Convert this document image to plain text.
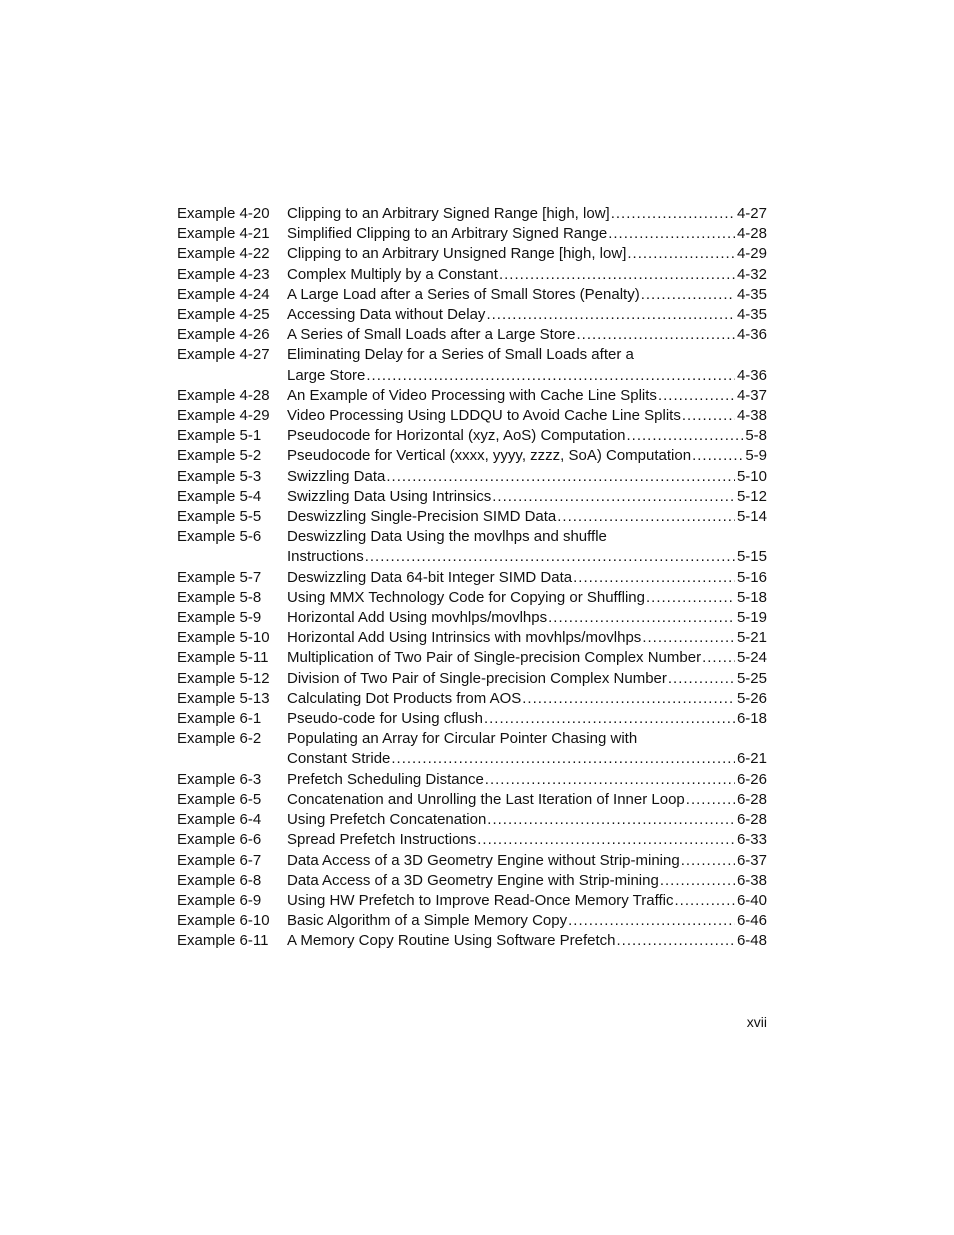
Example 4-20	Clipping to an Arbitrary Signed Range [high, low] .....	4-27
Example 4-21	Simplified Clipping to an Arbitrary Signed Range .....	4-28
Example 4-22	Clipping to an Arbitrary Unsigned Range [high, low] .....	4-29
Example 4-23	Complex Multiply by a Constant .....	4-32
Example 4-24	A Large Load after a Series of Small Stores (Penalty) .....	4-35
Example 4-25	Accessing Data without Delay .....	4-35
Example 4-26	A Series of Small Loads after a Large Store .....	4-36
Example 4-27	Eliminating Delay for a Series of Small Loads after a
Large Store .....	4-36
Example 4-28	An Example of Video Processing with Cache Line Splits .....	4-37
Example 4-29	Video Processing Using LDDQU to Avoid Cache Line Splits .....	4-38
Example 5-1	Pseudocode for Horizontal (xyz, AoS) Computation .....	5-8
Example 5-2	Pseudocode for Vertical (xxxx, yyyy, zzzz, SoA) Computation .....	5-9
Example 5-3	Swizzling Data .....	5-10
Example 5-4	Swizzling Data Using Intrinsics .....	5-12
Example 5-5	Deswizzling Single-Precision SIMD Data .....	5-14
Example 5-6	Deswizzling Data Using the movlhps and shuffle
Instructions .....	5-15
Example 5-7	Deswizzling Data 64-bit Integer SIMD Data .....	5-16
Example 5-8	Using MMX Technology Code for Copying or Shuffling .....	5-18
Example 5-9	Horizontal Add Using movhlps/movlhps .....	5-19
Example 5-10	Horizontal Add Using Intrinsics with movhlps/movlhps .....	5-21
Example 5-11	Multiplication of Two Pair of Single-precision Complex Number ..... 5-24
Example 5-12	Division of Two Pair of Single-precision Complex Number .....	5-25
Example 5-13	Calculating Dot Products from AOS .....	5-26
Example 6-1	Pseudo-code for Using cflush .....	6-18
Example 6-2	Populating an Array for Circular Pointer Chasing with
Constant Stride .....	6-21
Example 6-3	Prefetch Scheduling Distance .....	6-26
Example 6-5	Concatenation and Unrolling the Last Iteration of Inner Loop .....	6-28
Example 6-4	Using Prefetch Concatenation .....	6-28
Example 6-6	Spread Prefetch Instructions .....	6-33
Example 6-7	Data Access of a 3D Geometry Engine without Strip-mining .....	6-37
Example 6-8	Data Access of a 3D Geometry Engine with Strip-mining .....	6-38
Example 6-9	Using HW Prefetch to Improve Read-Once Memory Traffic .....	6-40
Example 6-10	Basic Algorithm of a Simple Memory Copy .....	6-46
Example 6-11	A Memory Copy Routine Using Software Prefetch .....	6-48
xvii
